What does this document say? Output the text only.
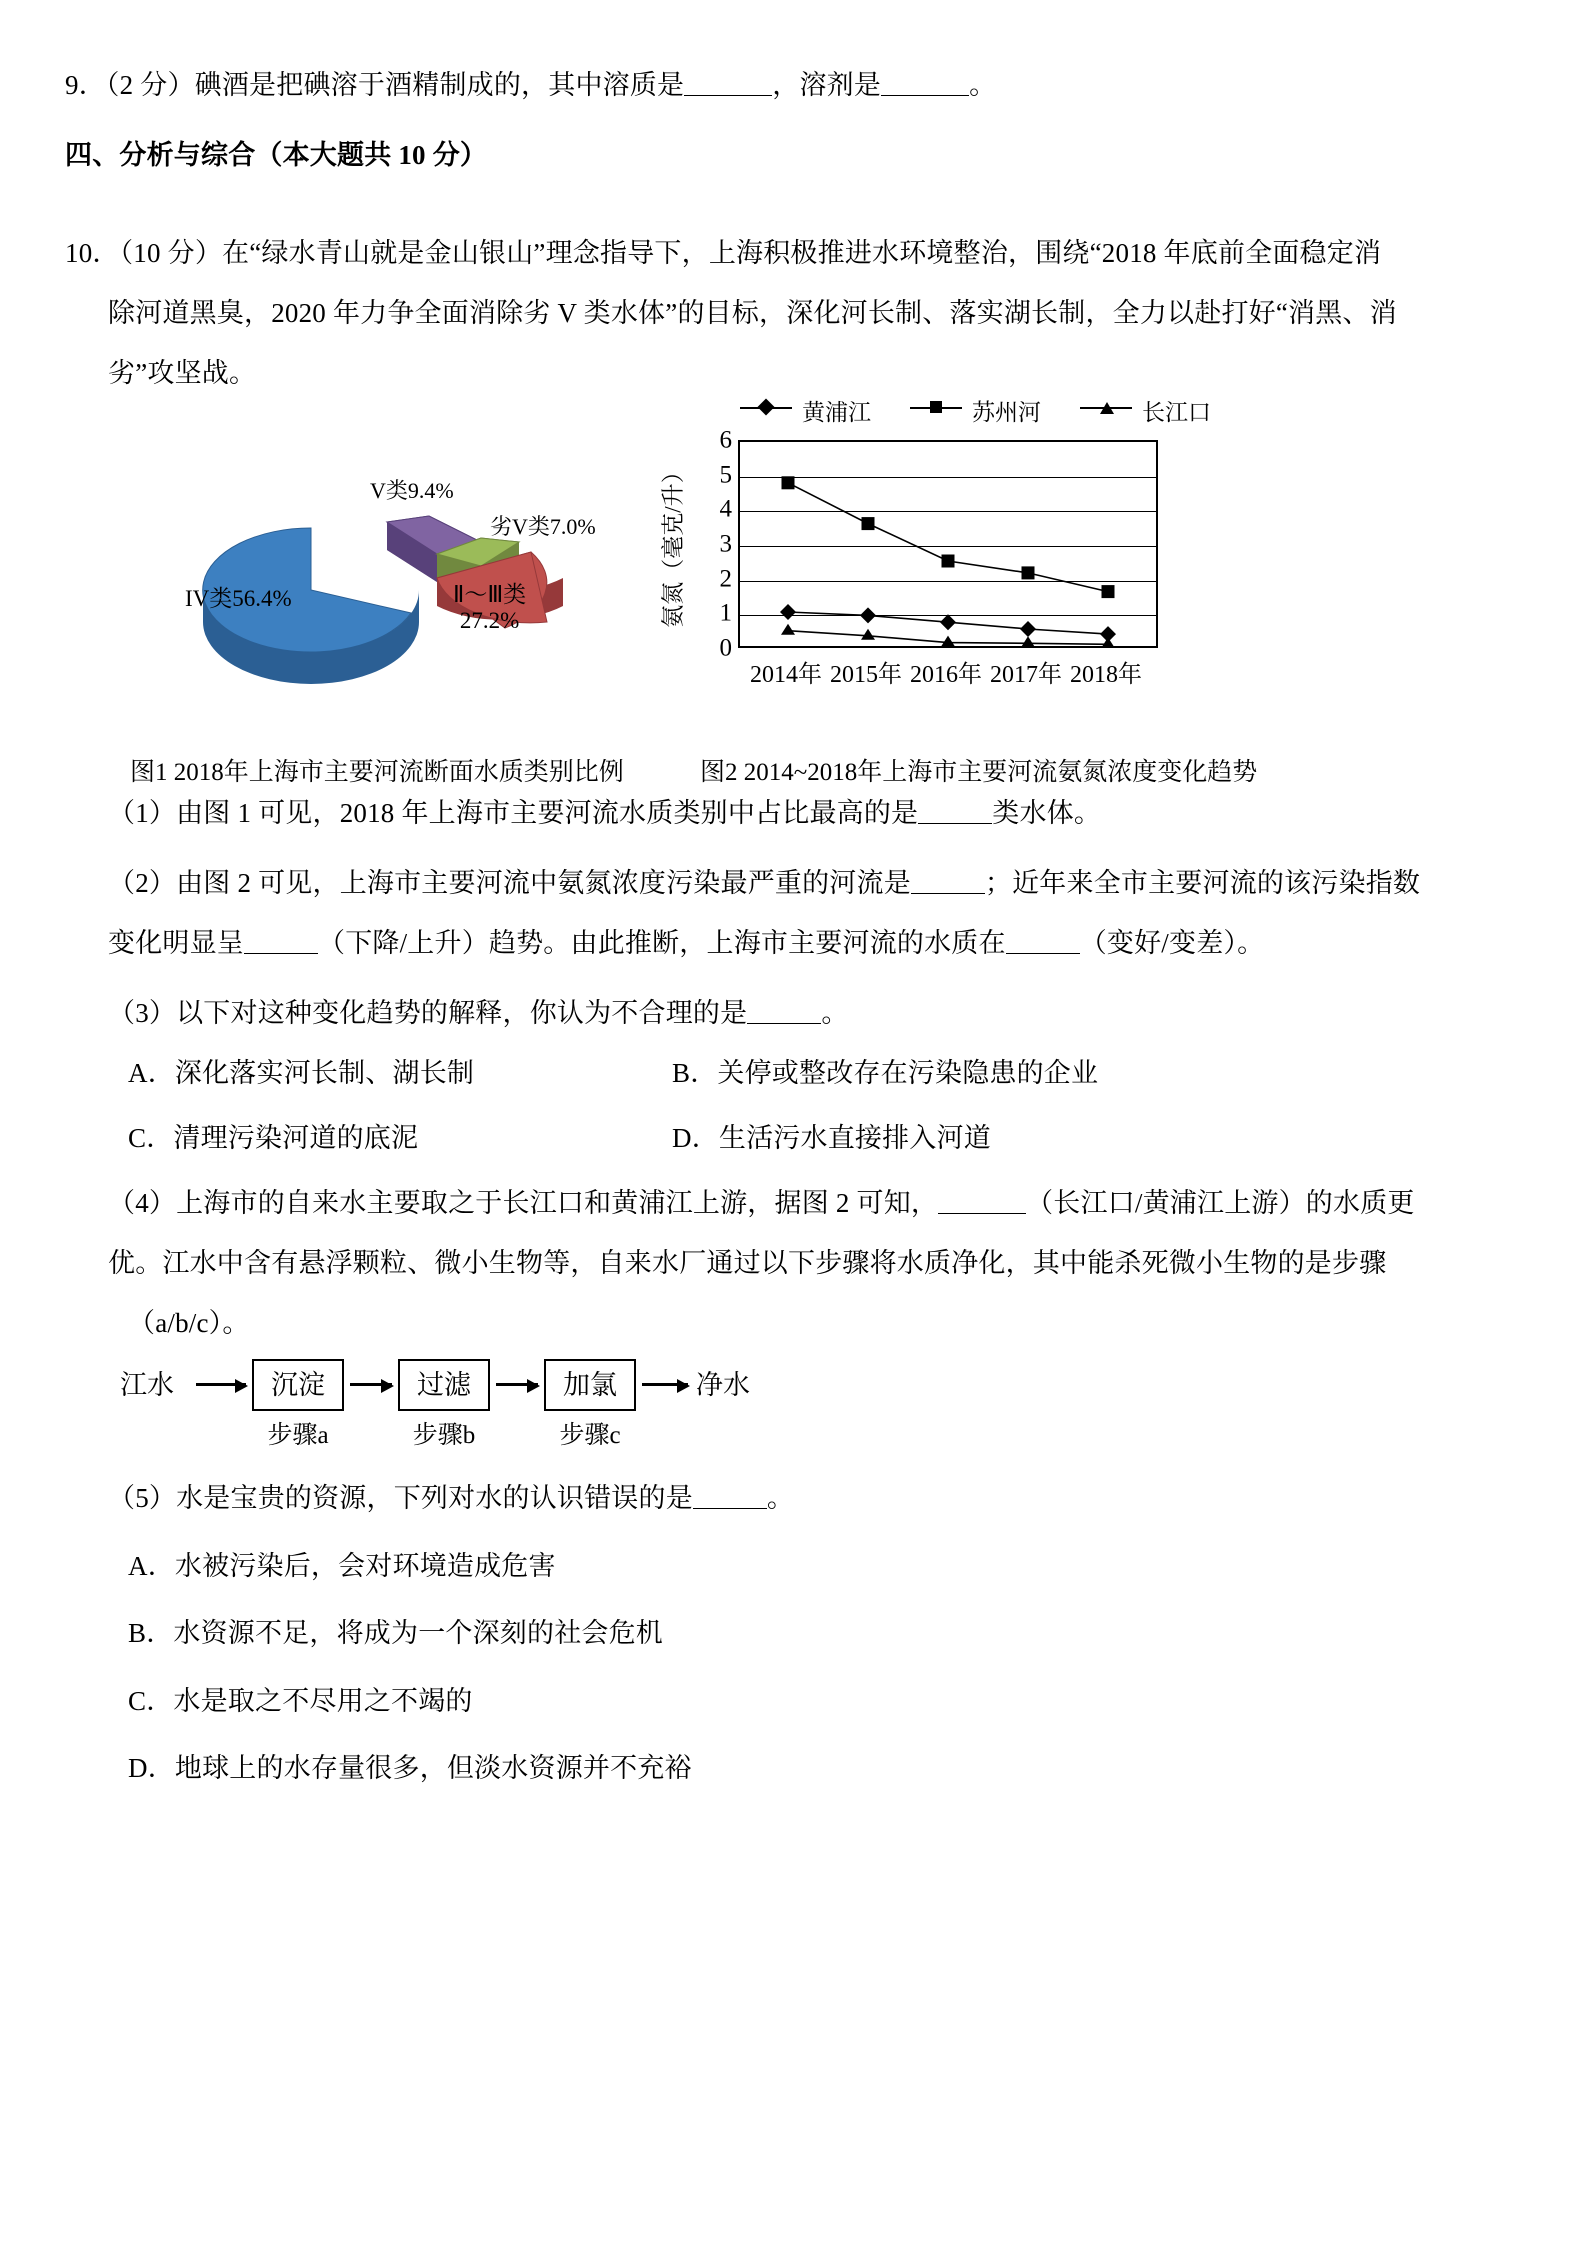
9．（2 分）碘酒是把碘溶于酒精制成的，其中溶质是	，溶剂是	。
四、分析与综合（本大题共 10 分）
10．（10 分）在“绿水青山就是金山银山”理念指导下，上海积极推进水环境整治，围绕“2018 年底前全面稳定消
除河道黑臭，2020 年力争全面消除劣 V 类水体”的目标，深化河长制、落实湖长制，全力以赴打好“消黑、消
劣”攻坚战。
V类9.4%
劣V类7.0%
IV类56.4%	Ⅱ～Ⅲ类
27.2%
黄浦江	苏州河	长江口
氨氮（毫克/升）
6
5
4
3
2
1
0
2014年 2015年 2016年 2017年 2018年
图1 2018年上海市主要河流断面水质类别比例	图2 2014~2018年上海市主要河流氨氮浓度变化趋势
（1）由图 1 可见，2018 年上海市主要河流水质类别中占比最高的是	类水体。
（2）由图 2 可见，上海市主要河流中氨氮浓度污染最严重的河流是	；近年来全市主要河流的该污染指数
变化明显呈	（下降/上升）趋势。由此推断，上海市主要河流的水质在	（变好/变差）。
（3）以下对这种变化趋势的解释，你认为不合理的是	。
A．深化落实河长制、湖长制	B．关停或整改存在污染隐患的企业
C．清理污染河道的底泥	D．生活污水直接排入河道
（4）上海市的自来水主要取之于长江口和黄浦江上游，据图 2 可知，	（长江口/黄浦江上游）的水质更
优。江水中含有悬浮颗粒、微小生物等，自来水厂通过以下步骤将水质净化，其中能杀死微小生物的是步骤
（a/b/c）。
江水	沉淀
步骤a
过滤
步骤b
加氯
步骤c
净水
（5）水是宝贵的资源，下列对水的认识错误的是	。
A．水被污染后，会对环境造成危害
B．水资源不足，将成为一个深刻的社会危机
C．水是取之不尽用之不竭的
D．地球上的水存量很多，但淡水资源并不充裕
